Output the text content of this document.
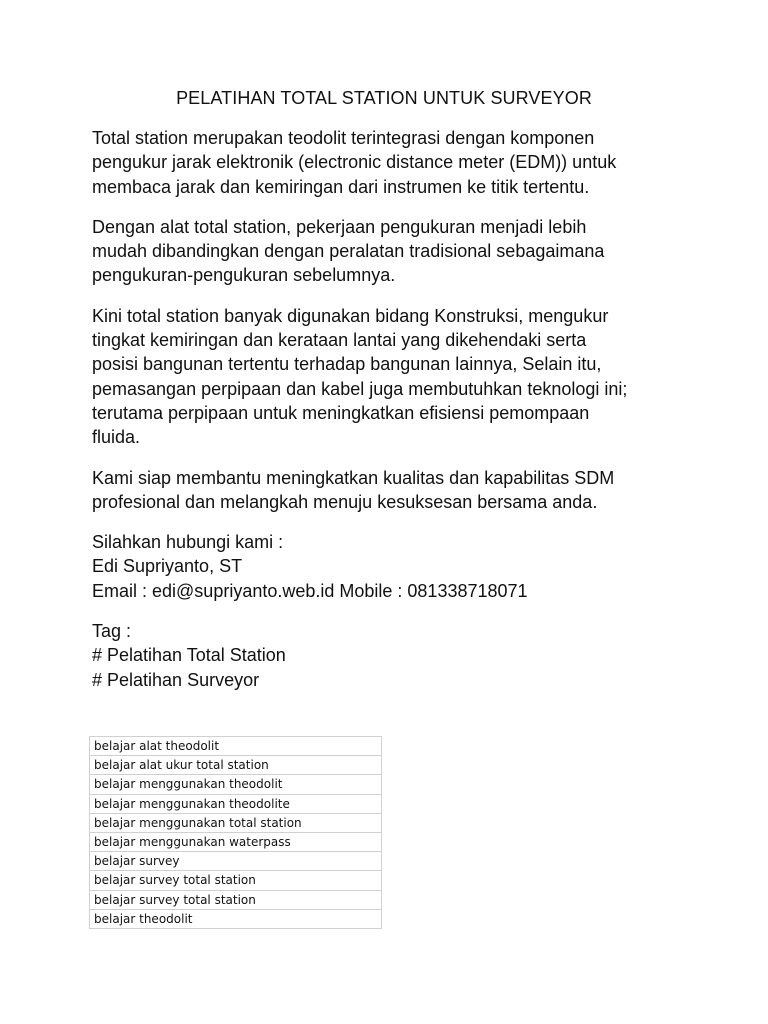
PELATIHAN TOTAL STATION UNTUK SURVEYOR

Total station merupakan teodolit terintegrasi dengan komponen
pengukur jarak elektronik (electronic distance meter (EDM)) untuk
membaca jarak dan kemiringan dari instrumen ke titik tertentu.

Dengan alat total station, pekerjaan pengukuran menjadi lebih
mudah dibandingkan dengan peralatan tradisional sebagaimana
pengukuran-pengukuran sebelumnya.

Kini total station banyak digunakan bidang Konstruksi, mengukur
tingkat kemiringan dan kerataan lantai yang dikehendaki serta
posisi bangunan tertentu terhadap bangunan lainnya, Selain itu,
pemasangan perpipaan dan kabel juga membutuhkan teknologi ini;
terutama perpipaan untuk meningkatkan efisiensi pemompaan
fluida.

Kami siap membantu meningkatkan kualitas dan kapabilitas SDM
profesional dan melangkah menuju kesuksesan bersama anda.

Silahkan hubungi kami :
Edi Supriyanto, ST
Email : edi@supriyanto.web.id Mobile : 081338718071

Tag :
# Pelatihan Total Station
# Pelatihan Surveyor

belajar alat theodolit
belajar alat ukur total station
belajar menggunakan theodolit
belajar menggunakan theodolite
belajar menggunakan total station
belajar menggunakan waterpass
belajar survey
belajar survey total station
belajar survey total station
belajar theodolit
